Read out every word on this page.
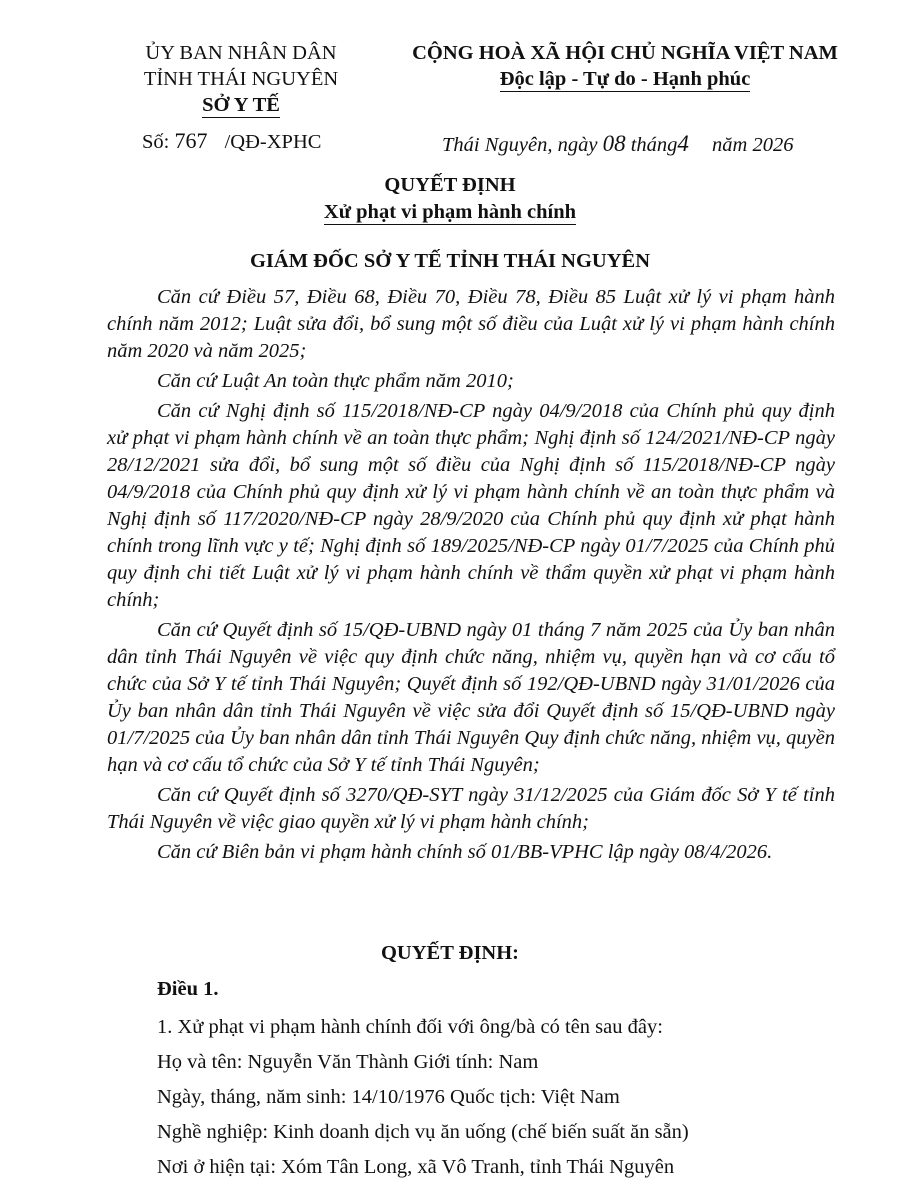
ỦY BAN NHÂN DÂN
TỈNH THÁI NGUYÊN
SỞ Y TẾ
CỘNG HOÀ XÃ HỘI CHỦ NGHĨA VIỆT NAM
Độc lập - Tự do - Hạnh phúc
Số: 767 /QĐ-XPHC	Thái Nguyên, ngày 08 tháng4 năm 2026
QUYẾT ĐỊNH
Xử phạt vi phạm hành chính
GIÁM ĐỐC SỞ Y TẾ TỈNH THÁI NGUYÊN

Căn cứ Điều 57, Điều 68, Điều 70, Điều 78, Điều 85 Luật xử lý vi phạm hành chính năm 2012; Luật sửa đổi, bổ sung một số điều của Luật xử lý vi phạm hành chính năm 2020 và năm 2025;

Căn cứ Luật An toàn thực phẩm năm 2010;

Căn cứ Nghị định số 115/2018/NĐ-CP ngày 04/9/2018 của Chính phủ quy định xử phạt vi phạm hành chính về an toàn thực phẩm; Nghị định số 124/2021/NĐ-CP ngày 28/12/2021 sửa đổi, bổ sung một số điều của Nghị định số 115/2018/NĐ-CP ngày 04/9/2018 của Chính phủ quy định xử lý vi phạm hành chính về an toàn thực phẩm và Nghị định số 117/2020/NĐ-CP ngày 28/9/2020 của Chính phủ quy định xử phạt hành chính trong lĩnh vực y tế; Nghị định số 189/2025/NĐ-CP ngày 01/7/2025 của Chính phủ quy định chi tiết Luật xử lý vi phạm hành chính về thẩm quyền xử phạt vi phạm hành chính;

Căn cứ Quyết định số 15/QĐ-UBND ngày 01 tháng 7 năm 2025 của Ủy ban nhân dân tỉnh Thái Nguyên về việc quy định chức năng, nhiệm vụ, quyền hạn và cơ cấu tổ chức của Sở Y tế tỉnh Thái Nguyên; Quyết định số 192/QĐ-UBND ngày 31/01/2026 của Ủy ban nhân dân tỉnh Thái Nguyên về việc sửa đổi Quyết định số 15/QĐ-UBND ngày 01/7/2025 của Ủy ban nhân dân tỉnh Thái Nguyên Quy định chức năng, nhiệm vụ, quyền hạn và cơ cấu tổ chức của Sở Y tế tỉnh Thái Nguyên;

Căn cứ Quyết định số 3270/QĐ-SYT ngày 31/12/2025 của Giám đốc Sở Y tế tỉnh Thái Nguyên về việc giao quyền xử lý vi phạm hành chính;

Căn cứ Biên bản vi phạm hành chính số 01/BB-VPHC lập ngày 08/4/2026.

QUYẾT ĐỊNH:
Điều 1.
1. Xử phạt vi phạm hành chính đối với ông/bà có tên sau đây:
Họ và tên: Nguyễn Văn Thành Giới tính: Nam
Ngày, tháng, năm sinh: 14/10/1976 Quốc tịch: Việt Nam
Nghề nghiệp: Kinh doanh dịch vụ ăn uống (chế biến suất ăn sẵn)
Nơi ở hiện tại: Xóm Tân Long, xã Vô Tranh, tỉnh Thái Nguyên
